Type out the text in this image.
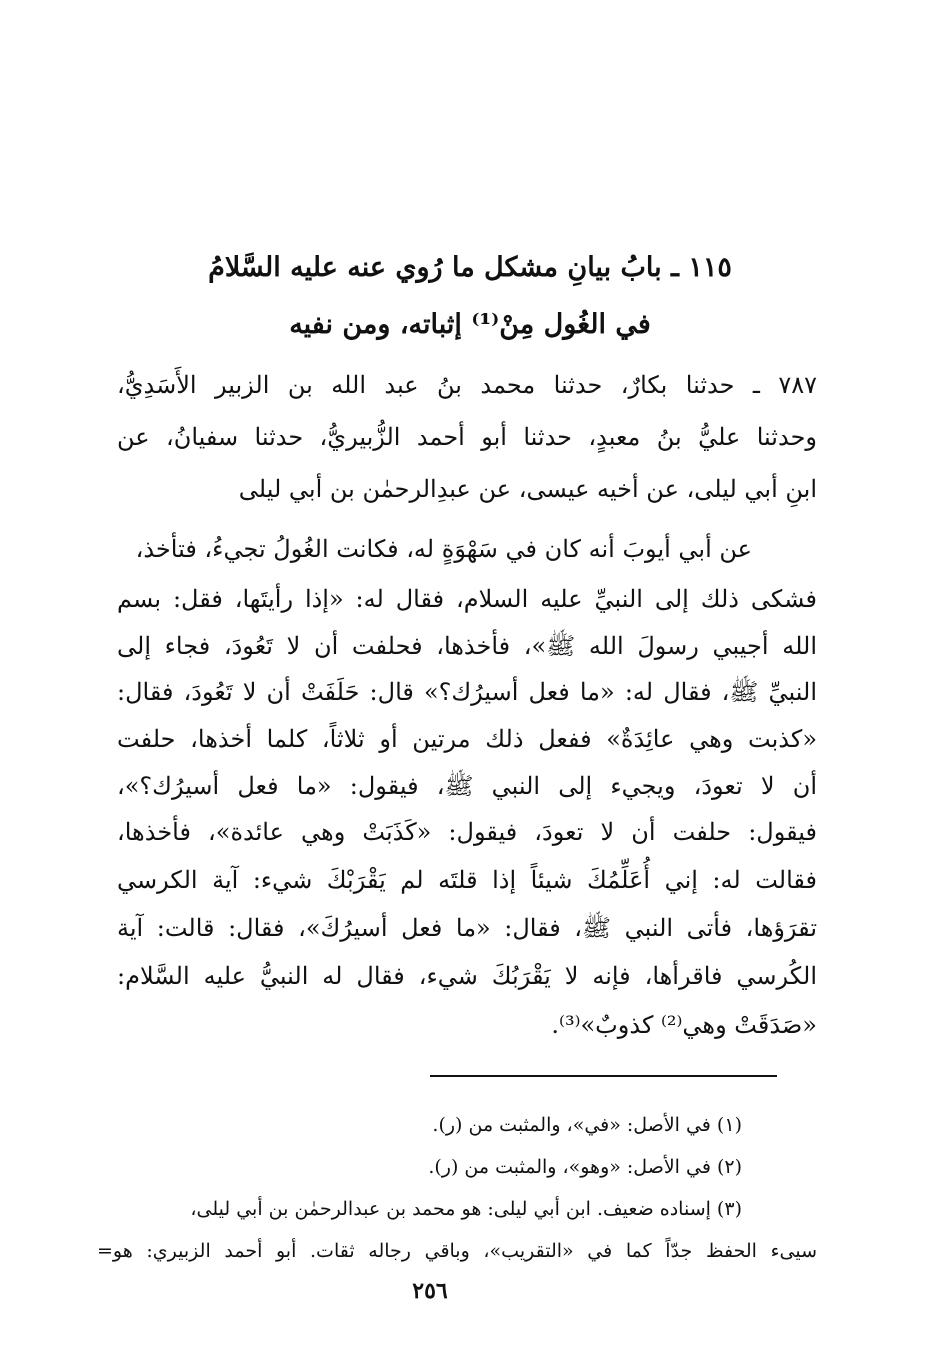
١١٥ ـ بابُ بيانِ مشكل ما رُوي عنه عليه السَّلامُ
في الغُول مِنْ⁽¹⁾ إثباته، ومن نفيه
٧٨٧ ـ حدثنا بكارٌ، حدثنا محمد بنُ عبد الله بن الزبير الأَسَدِيُّ،
وحدثنا عليُّ بنُ معبدٍ، حدثنا أبو أحمد الزُّبيريُّ، حدثنا سفيانُ، عن
ابنِ أبي ليلى، عن أخيه عيسى، عن عبدِالرحمٰن بن أبي ليلى
عن أبي أيوبَ أنه كان في سَهْوَةٍ له، فكانت الغُولُ تجيءُ، فتأخذ،
فشكى ذلك إلى النبيِّ عليه السلام، فقال له: «إذا رأيتَها، فقل: بسم
الله أجيبي رسولَ الله ﷺ»، فأخذها، فحلفت أن لا تَعُودَ، فجاء إلى
النبيِّ ﷺ، فقال له: «ما فعل أسيرُك؟» قال: حَلَفَتْ أن لا تَعُودَ، فقال:
«كذبت وهي عائِدَةٌ» ففعل ذلك مرتين أو ثلاثاً، كلما أخذها، حلفت
أن لا تعودَ، ويجيء إلى النبي ﷺ، فيقول: «ما فعل أسيرُك؟»،
فيقول: حلفت أن لا تعودَ، فيقول: «كَذَبَتْ وهي عائدة»، فأخذها،
فقالت له: إني أُعَلِّمُكَ شيئاً إذا قلتَه لم يَقْرَبْكَ شيء: آية الكرسي
تقرَؤها، فأتى النبي ﷺ، فقال: «ما فعل أسيرُكَ»، فقال: قالت: آية
الكُرسي فاقرأها، فإنه لا يَقْرَبُكَ شيء، فقال له النبيُّ عليه السَّلام:
«صَدَقَتْ وهي⁽²⁾ كذوبٌ»⁽³⁾.
(١) في الأصل: «في»، والمثبت من (ر).
(٢) في الأصل: «وهو»، والمثبت من (ر).
(٣) إسناده ضعيف. ابن أبي ليلى: هو محمد بن عبدالرحمٰن بن أبي ليلى،
سيىء الحفظ جدّاً كما في «التقريب»، وباقي رجاله ثقات. أبو أحمد الزبيري: هو=
٢٥٦
